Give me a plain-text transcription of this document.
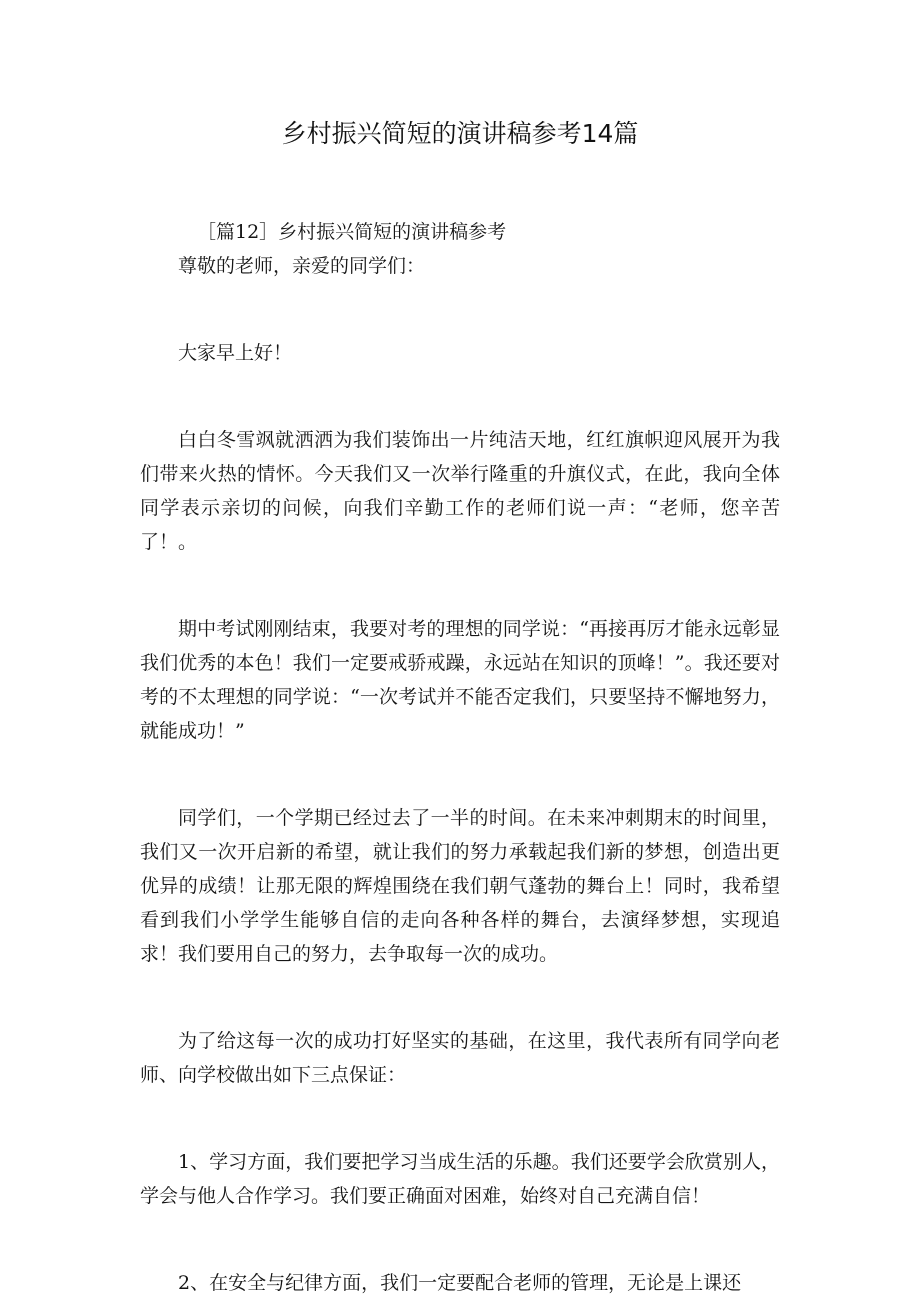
乡村振兴简短的演讲稿参考14篇
［篇12］乡村振兴简短的演讲稿参考

尊敬的老师，亲爱的同学们：

大家早上好！

白白冬雪飒就洒洒为我们装饰出一片纯洁天地，红红旗帜迎风展开为我们带来火热的情怀。今天我们又一次举行隆重的升旗仪式，在此，我向全体同学表示亲切的问候，向我们辛勤工作的老师们说一声：“老师，您辛苦了！。

期中考试刚刚结束，我要对考的理想的同学说：“再接再厉才能永远彰显我们优秀的本色！我们一定要戒骄戒躁，永远站在知识的顶峰！”。我还要对考的不太理想的同学说：“一次考试并不能否定我们，只要坚持不懈地努力，就能成功！”

同学们，一个学期已经过去了一半的时间。在未来冲刺期末的时间里，我们又一次开启新的希望，就让我们的努力承载起我们新的梦想，创造出更优异的成绩！让那无限的辉煌围绕在我们朝气蓬勃的舞台上！同时，我希望看到我们小学学生能够自信的走向各种各样的舞台，去演绎梦想，实现追求！我们要用自己的努力，去争取每一次的成功。

为了给这每一次的成功打好坚实的基础，在这里，我代表所有同学向老师、向学校做出如下三点保证：

1、学习方面，我们要把学习当成生活的乐趣。我们还要学会欣赏别人，学会与他人合作学习。我们要正确面对困难，始终对自己充满自信！

2、在安全与纪律方面，我们一定要配合老师的管理，无论是上课还
